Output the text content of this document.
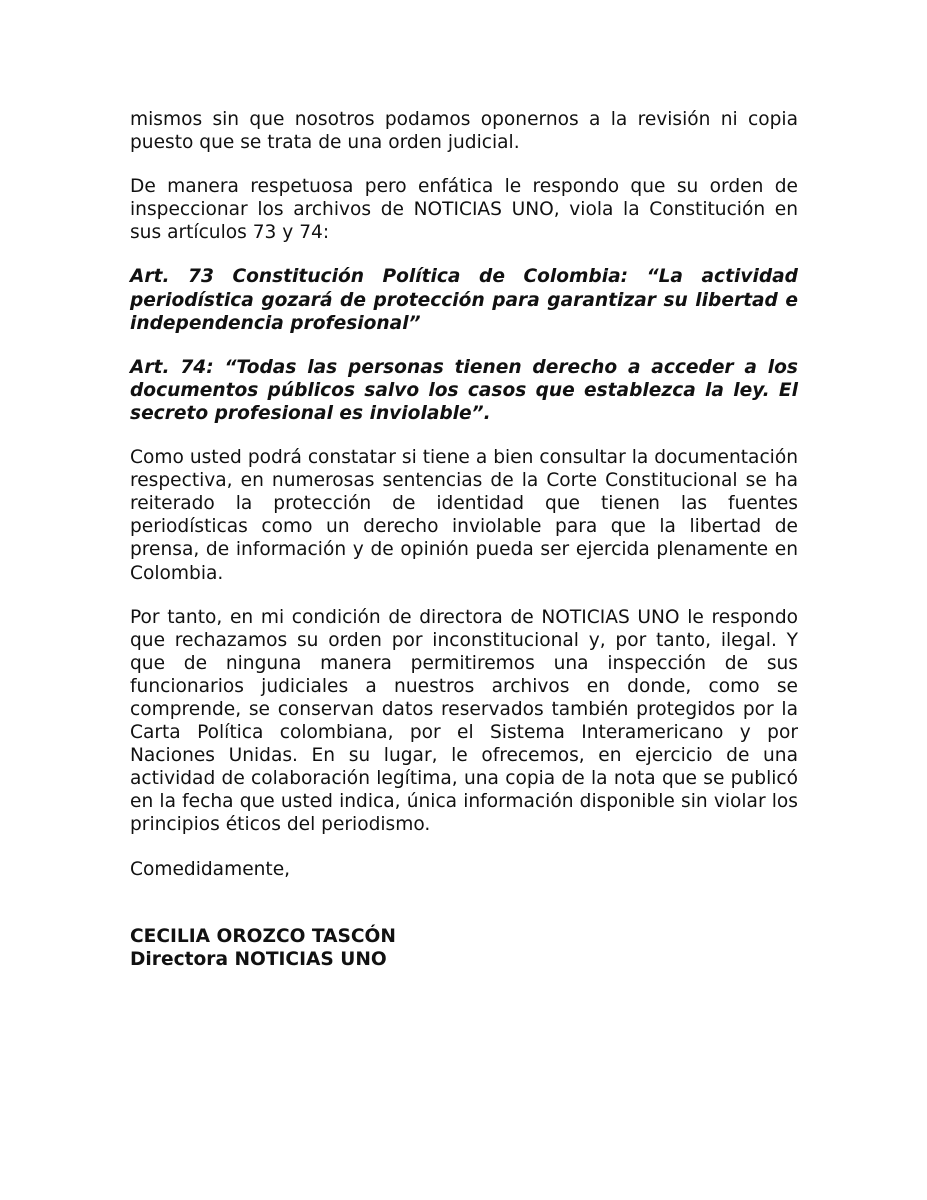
mismos sin que nosotros podamos oponernos a la revisión ni copia puesto que se trata de una orden judicial.

De manera respetuosa pero enfática le respondo que su orden de inspeccionar los archivos de NOTICIAS UNO, viola la Constitución en sus artículos 73 y 74:

Art. 73 Constitución Política de Colombia: “La actividad periodística gozará de protección para garantizar su libertad e independencia profesional”

Art. 74: “Todas las personas tienen derecho a acceder a los documentos públicos salvo los casos que establezca la ley. El secreto profesional es inviolable”.

Como usted podrá constatar si tiene a bien consultar la documentación respectiva, en numerosas sentencias de la Corte Constitucional se ha reiterado la protección de identidad que tienen las fuentes periodísticas como un derecho inviolable para que la libertad de prensa, de información y de opinión pueda ser ejercida plenamente en Colombia.

Por tanto, en mi condición de directora de NOTICIAS UNO le respondo que rechazamos su orden por inconstitucional y, por tanto, ilegal. Y que de ninguna manera permitiremos una inspección de sus funcionarios judiciales a nuestros archivos en donde, como se comprende, se conservan datos reservados también protegidos por la Carta Política colombiana, por el Sistema Interamericano y por Naciones Unidas. En su lugar, le ofrecemos, en ejercicio de una actividad de colaboración legítima, una copia de la nota que se publicó en la fecha que usted indica, única información disponible sin violar los principios éticos del periodismo.

Comedidamente,

CECILIA OROZCO TASCÓN
Directora NOTICIAS UNO
